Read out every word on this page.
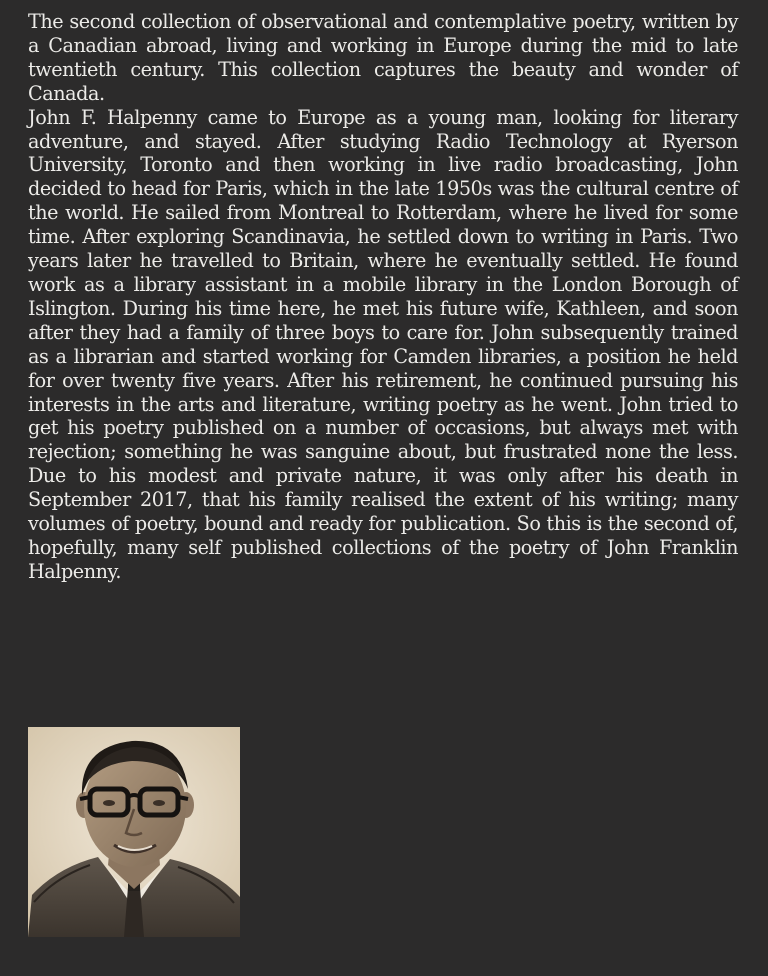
The second collection of observational and contemplative poetry, written by a Canadian abroad, living and working in Europe during the mid to late twentieth century. This collection captures the beauty and wonder of Canada.

John F. Halpenny came to Europe as a young man, looking for literary adventure, and stayed. After studying Radio Technology at Ryerson University, Toronto and then working in live radio broadcasting, John decided to head for Paris, which in the late 1950s was the cultural centre of the world. He sailed from Montreal to Rotterdam, where he lived for some time. After exploring Scandinavia, he settled down to writing in Paris. Two years later he travelled to Britain, where he eventually settled. He found work as a library assistant in a mobile library in the London Borough of Islington. During his time here, he met his future wife, Kathleen, and soon after they had a family of three boys to care for. John subsequently trained as a librarian and started working for Camden libraries, a position he held for over twenty five years. After his retirement, he continued pursuing his interests in the arts and literature, writing poetry as he went. John tried to get his poetry published on a number of occasions, but always met with rejection; something he was sanguine about, but frustrated none the less. Due to his modest and private nature, it was only after his death in September 2017, that his family realised the extent of his writing; many volumes of poetry, bound and ready for publication. So this is the second of, hopefully, many self published collections of the poetry of John Franklin Halpenny.
